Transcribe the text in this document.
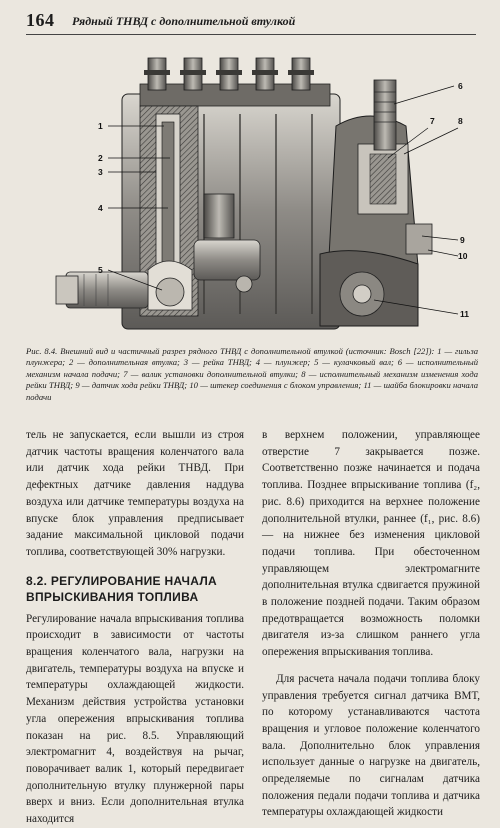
164 Рядный ТНВД с дополнительной втулкой
1
2
3
4
5
6
7	8
9
10
11
Рис. 8.4. Внешний вид и частичный разрез рядного ТНВД с дополнительной втулкой (источник: Bosch [22]): 1 — гильза плунжера; 2 — дополнительная втулка; 3 — рейка ТНВД; 4 — плунжер; 5 — кулачковый вал; 6 — исполнительный механизм начала подачи; 7 — валик установки дополнительной втулки; 8 — исполнительный механизм изменения хода рейки ТНВД; 9 — датчик хода рейки ТНВД; 10 — штекер соединения с блоком управления; 11 — шайба блокировки начала подачи

тель не запускается, если вышли из строя датчик частоты вращения коленчатого вала или датчик хода рейки ТНВД. При дефектных датчике давления наддува воздуха или датчике температуры воздуха на впуске блок управления предписывает задание максимальной цикловой подачи топлива, соответствующей 30% нагрузки.

8.2. РЕГУЛИРОВАНИЕ НАЧАЛА ВПРЫСКИВАНИЯ ТОПЛИВА

Регулирование начала впрыскивания топлива происходит в зависимости от частоты вращения коленчатого вала, нагрузки на двигатель, температуры воздуха на впуске и температуры охлаждающей жидкости. Механизм действия устройства установки угла опережения впрыскивания топлива показан на рис. 8.5. Управляющий электромагнит 4, воздействуя на рычаг, поворачивает валик 1, который передвигает дополнительную втулку плунжерной пары вверх и вниз. Если дополнительная втулка находится

в верхнем положении, управляющее отверстие 7 закрывается позже. Соответственно позже начинается и подача топлива. Позднее впрыскивание топлива (f₂, рис. 8.6) приходится на верхнее положение дополнительной втулки, раннее (f₁, рис. 8.6) — на нижнее без изменения цикловой подачи топлива. При обесточенном управляющем электромагните дополнительная втулка сдвигается пружиной в положение поздней подачи. Таким образом предотвращается возможность поломки двигателя из-за слишком раннего угла опережения впрыскивания топлива.

Для расчета начала подачи топлива блоку управления требуется сигнал датчика ВМТ, по которому устанавливаются частота вращения и угловое положение коленчатого вала. Дополнительно блок управления использует данные о нагрузке на двигатель, определяемые по сигналам датчика положения педали подачи топлива и датчика температуры охлаждающей жидкости
